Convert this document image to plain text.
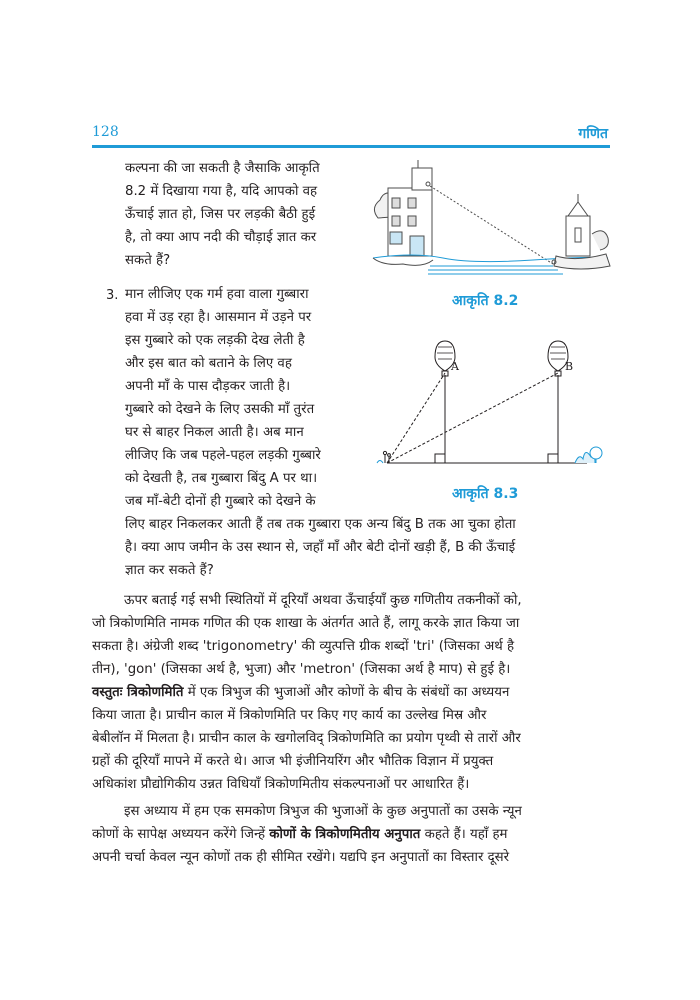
128	गणित
कल्पना की जा सकती है जैसाकि आकृति
8.2 में दिखाया गया है, यदि आपको वह
ऊँचाई ज्ञात हो, जिस पर लड़की बैठी हुई
है, तो क्या आप नदी की चौड़ाई ज्ञात कर
सकते हैं?
आकृति 8.2
3. मान लीजिए एक गर्म हवा वाला गुब्बारा
हवा में उड़ रहा है। आसमान में उड़ने पर
इस गुब्बारे को एक लड़की देख लेती है
और इस बात को बताने के लिए वह
अपनी माँ के पास दौड़कर जाती है।
गुब्बारे को देखने के लिए उसकी माँ तुरंत
घर से बाहर निकल आती है। अब मान
लीजिए कि जब पहले-पहल लड़की गुब्बारे
को देखती है, तब गुब्बारा बिंदु A पर था।
जब माँ-बेटी दोनों ही गुब्बारे को देखने के
A	B
आकृति 8.3
लिए बाहर निकलकर आती हैं तब तक गुब्बारा एक अन्य बिंदु B तक आ चुका होता
है। क्या आप जमीन के उस स्थान से, जहाँ माँ और बेटी दोनों खड़ी हैं, B की ऊँचाई
ज्ञात कर सकते हैं?
ऊपर बताई गई सभी स्थितियों में दूरियाँ अथवा ऊँचाईयाँ कुछ गणितीय तकनीकों को,
जो त्रिकोणमिति नामक गणित की एक शाखा के अंतर्गत आते हैं, लागू करके ज्ञात किया जा
सकता है। अंग्रेजी शब्द 'trigonometry' की व्युत्पत्ति ग्रीक शब्दों 'tri' (जिसका अर्थ है
तीन), 'gon' (जिसका अर्थ है, भुजा) और 'metron' (जिसका अर्थ है माप) से हुई है।
वस्तुतः त्रिकोणमिति में एक त्रिभुज की भुजाओं और कोणों के बीच के संबंधों का अध्ययन
किया जाता है। प्राचीन काल में त्रिकोणमिति पर किए गए कार्य का उल्लेख मिस्र और
बेबीलॉन में मिलता है। प्राचीन काल के खगोलविद् त्रिकोणमिति का प्रयोग पृथ्वी से तारों और
ग्रहों की दूरियाँ मापने में करते थे। आज भी इंजीनियरिंग और भौतिक विज्ञान में प्रयुक्त
अधिकांश प्रौद्योगिकीय उन्नत विधियाँ त्रिकोणमितीय संकल्पनाओं पर आधारित हैं।
इस अध्याय में हम एक समकोण त्रिभुज की भुजाओं के कुछ अनुपातों का उसके न्यून
कोणों के सापेक्ष अध्ययन करेंगे जिन्हें कोणों के त्रिकोणमितीय अनुपात कहते हैं। यहाँ हम
अपनी चर्चा केवल न्यून कोणों तक ही सीमित रखेंगे। यद्यपि इन अनुपातों का विस्तार दूसरे
